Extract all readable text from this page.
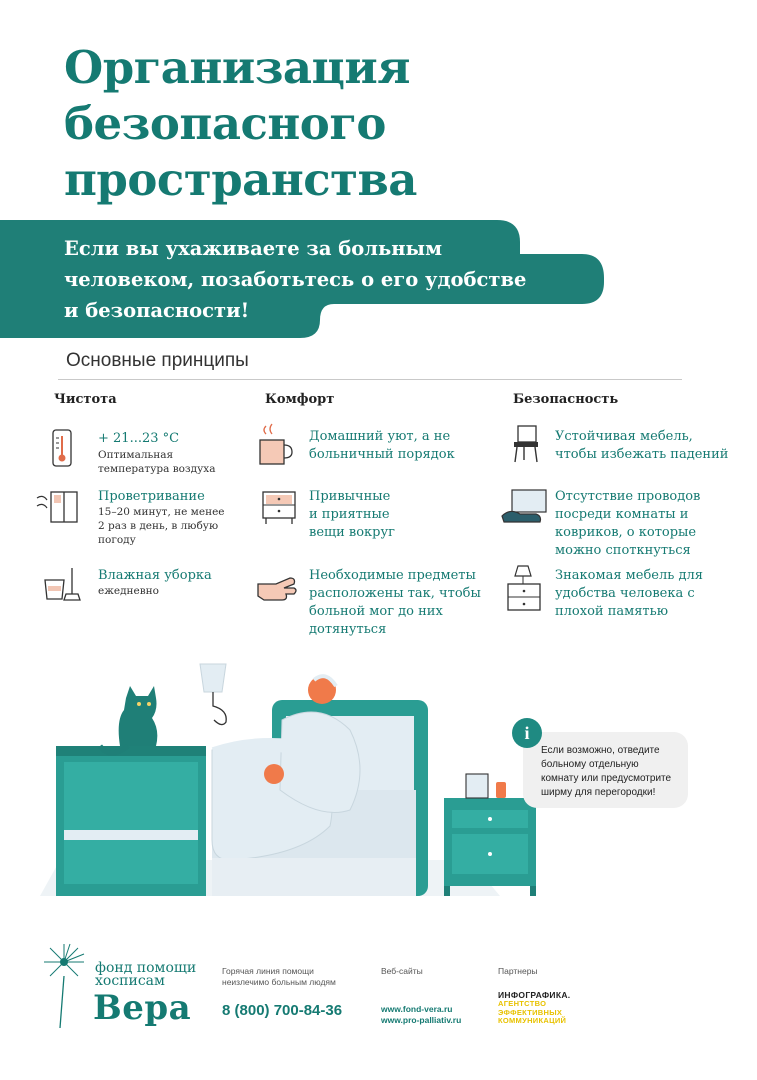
Организация
безопасного
пространства
Если вы ухаживаете за больным
человеком, позаботьтесь о его удобстве
и безопасности!
Основные принципы
Чистота	Комфорт	Безопасность
+ 21...23 °C
Оптимальная
температура воздуха
Проветривание
15–20 минут, не менее
2 раз в день, в любую
погоду
Влажная уборка
ежедневно
Домашний уют, а не
больничный порядок
Привычные
и приятные
вещи вокруг
Необходимые предметы
расположены так, чтобы
больной мог до них
дотянуться
Устойчивая мебель,
чтобы избежать падений
Отсутствие проводов
посреди комнаты и
ковриков, о которые
можно споткнуться
Знакомая мебель для
удобства человека с
плохой памятью
Если возможно, отведите
больному отдельную
комнату или предусмотрите
ширму для перегородки!
i
фонд помощи
хосписам
Вера
Горячая линия помощи
неизлечимо больным людям
8 (800) 700-84-36
Веб-сайты
www.fond-vera.ru
www.pro-palliativ.ru
Партнеры
ИНФОГРАФИКА.
АГЕНТСТВО
ЭФФЕКТИВНЫХ
КОММУНИКАЦИЙ
